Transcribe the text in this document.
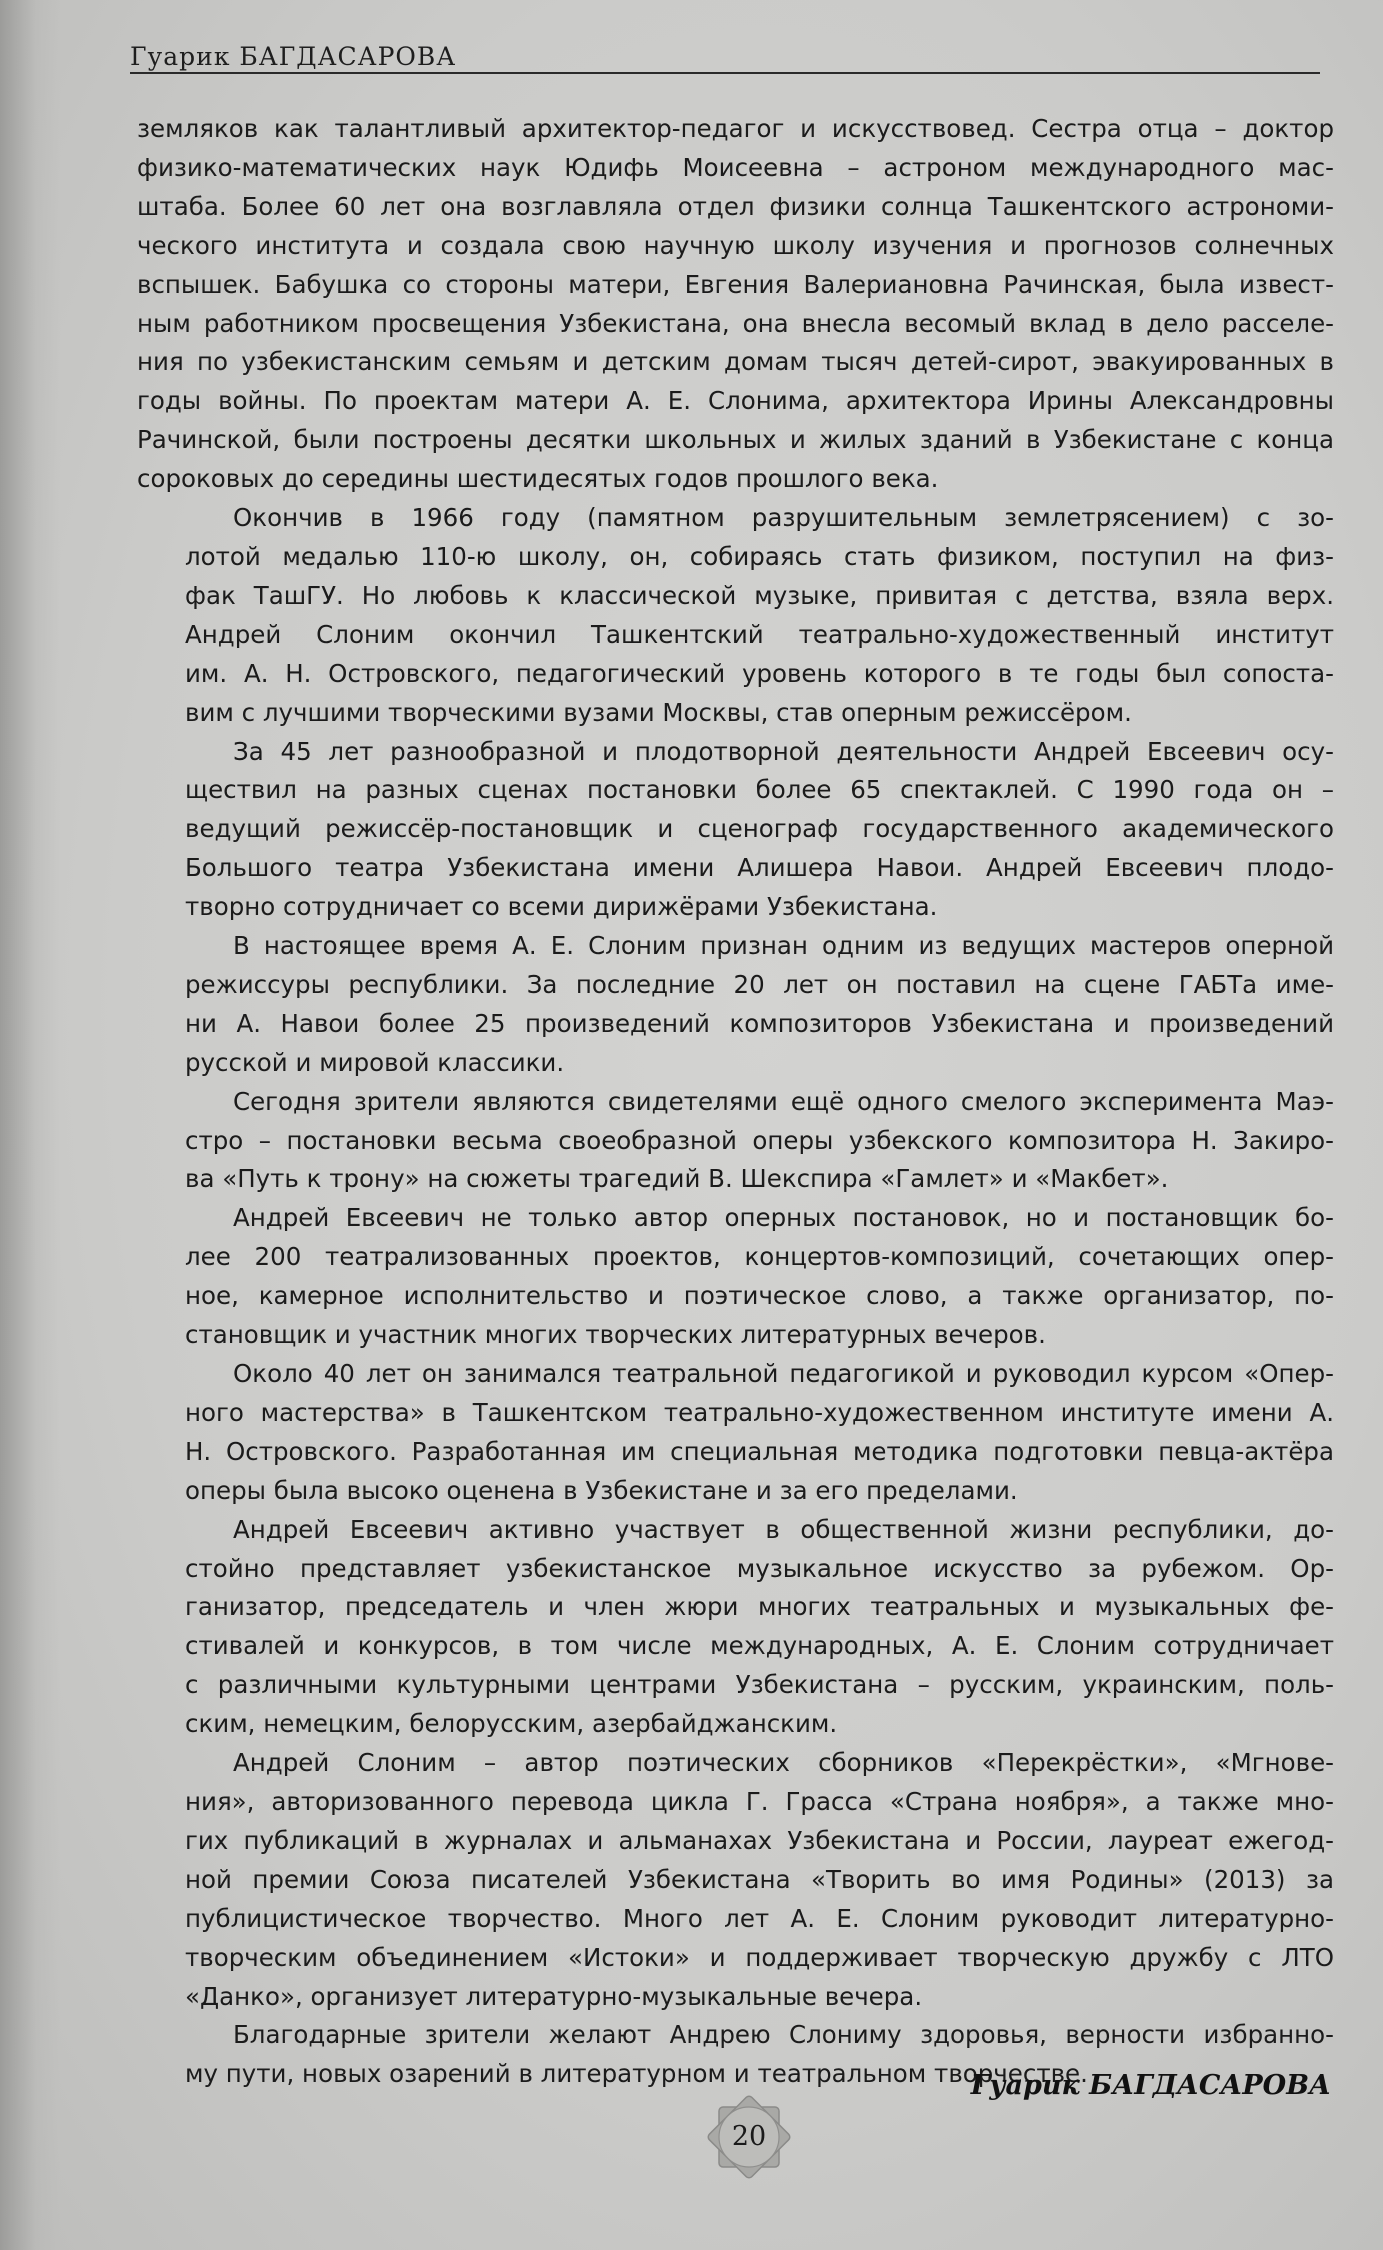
Гуарик БАГДАСАРОВА

земляков как талантливый архитектор-педагог и искусствовед. Сестра отца – доктор
физико-математических наук Юдифь Моисеевна – астроном международного мас-
штаба. Более 60 лет она возглавляла отдел физики солнца Ташкентского астрономи-
ческого института и создала свою научную школу изучения и прогнозов солнечных
вспышек. Бабушка со стороны матери, Евгения Валериановна Рачинская, была извест-
ным работником просвещения Узбекистана, она внесла весомый вклад в дело расселе-
ния по узбекистанским семьям и детским домам тысяч детей-сирот, эвакуированных в
годы войны. По проектам матери А. Е. Слонима, архитектора Ирины Александровны
Рачинской, были построены десятки школьных и жилых зданий в Узбекистане с конца
сороковых до середины шестидесятых годов прошлого века.

Окончив в 1966 году (памятном разрушительным землетрясением) с зо-
лотой медалью 110-ю школу, он, собираясь стать физиком, поступил на физ-
фак ТашГУ. Но любовь к классической музыке, привитая с детства, взяла верх.
Андрей Слоним окончил Ташкентский театрально-художественный институт
им. А. Н. Островского, педагогический уровень которого в те годы был сопоста-
вим с лучшими творческими вузами Москвы, став оперным режиссёром.

За 45 лет разнообразной и плодотворной деятельности Андрей Евсеевич осу-
ществил на разных сценах постановки более 65 спектаклей. С 1990 года он –
ведущий режиссёр-постановщик и сценограф государственного академического
Большого театра Узбекистана имени Алишера Навои. Андрей Евсеевич плодо-
творно сотрудничает со всеми дирижёрами Узбекистана.

В настоящее время А. Е. Слоним признан одним из ведущих мастеров оперной
режиссуры республики. За последние 20 лет он поставил на сцене ГАБТа име-
ни А. Навои более 25 произведений композиторов Узбекистана и произведений
русской и мировой классики.

Сегодня зрители являются свидетелями ещё одного смелого эксперимента Маэ-
стро – постановки весьма своеобразной оперы узбекского композитора Н. Закиро-
ва «Путь к трону» на сюжеты трагедий В. Шекспира «Гамлет» и «Макбет».

Андрей Евсеевич не только автор оперных постановок, но и постановщик бо-
лее 200 театрализованных проектов, концертов-композиций, сочетающих опер-
ное, камерное исполнительство и поэтическое слово, а также организатор, по-
становщик и участник многих творческих литературных вечеров.

Около 40 лет он занимался театральной педагогикой и руководил курсом «Опер-
ного мастерства» в Ташкентском театрально-художественном институте имени А.
Н. Островского. Разработанная им специальная методика подготовки певца-актёра
оперы была высоко оценена в Узбекистане и за его пределами.

Андрей Евсеевич активно участвует в общественной жизни республики, до-
стойно представляет узбекистанское музыкальное искусство за рубежом. Ор-
ганизатор, председатель и член жюри многих театральных и музыкальных фе-
стивалей и конкурсов, в том числе международных, А. Е. Слоним сотрудничает
с различными культурными центрами Узбекистана – русским, украинским, поль-
ским, немецким, белорусским, азербайджанским.

Андрей Слоним – автор поэтических сборников «Перекрёстки», «Мгнове-
ния», авторизованного перевода цикла Г. Грасса «Страна ноября», а также мно-
гих публикаций в журналах и альманахах Узбекистана и России, лауреат ежегод-
ной премии Союза писателей Узбекистана «Творить во имя Родины» (2013) за
публицистическое творчество. Много лет А. Е. Слоним руководит литературно-
творческим объединением «Истоки» и поддерживает творческую дружбу с ЛТО
«Данко», организует литературно-музыкальные вечера.

Благодарные зрители желают Андрею Слониму здоровья, верности избранно-
му пути, новых озарений в литературном и театральном творчестве.

Гуарик БАГДАСАРОВА
20
